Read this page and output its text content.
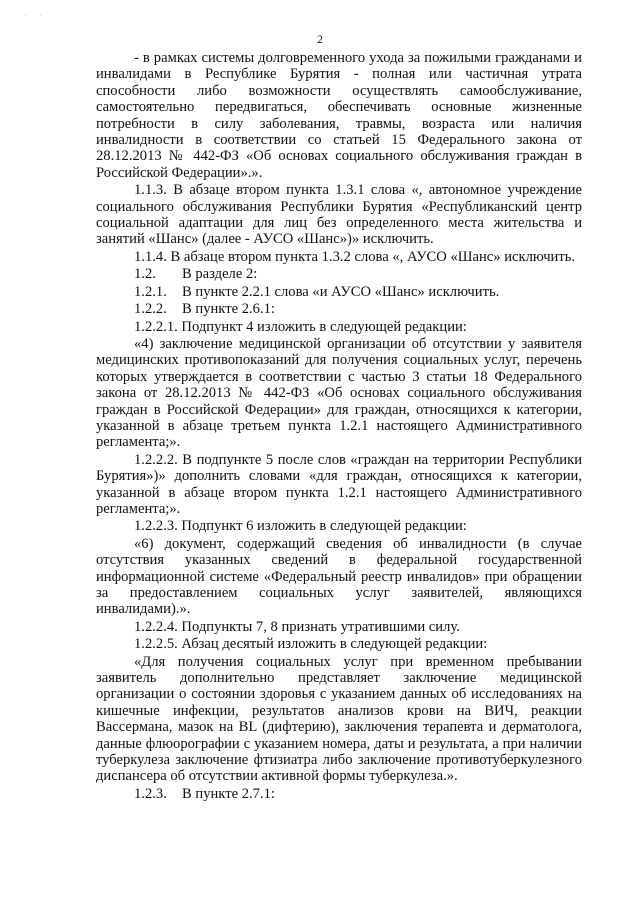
· ·
2

- в рамках системы долговременного ухода за пожилыми гражданами и инвалидами в Республике Бурятия - полная или частичная утрата способности либо возможности осуществлять самообслуживание, самостоятельно передвигаться, обеспечивать основные жизненные потребности в силу заболевания, травмы, возраста или наличия инвалидности в соответствии со статьей 15 Федерального закона от 28.12.2013 № 442-ФЗ «Об основах социального обслуживания граждан в Российской Федерации».».

1.1.3. В абзаце втором пункта 1.3.1 слова «, автономное учреждение социального обслуживания Республики Бурятия «Республиканский центр социальной адаптации для лиц без определенного места жительства и занятий «Шанс» (далее - АУСО «Шанс»)» исключить.

1.1.4. В абзаце втором пункта 1.3.2 слова «, АУСО «Шанс» исключить.

1.2.	В разделе 2:
1.2.1.	В пункте 2.2.1 слова «и АУСО «Шанс» исключить.
1.2.2.	В пункте 2.6.1:

1.2.2.1. Подпункт 4 изложить в следующей редакции:

«4) заключение медицинской организации об отсутствии у заявителя медицинских противопоказаний для получения социальных услуг, перечень которых утверждается в соответствии с частью 3 статьи 18 Федерального закона от 28.12.2013 № 442-ФЗ «Об основах социального обслуживания граждан в Российской Федерации» для граждан, относящихся к категории, указанной в абзаце третьем пункта 1.2.1 настоящего Административного регламента;».

1.2.2.2. В подпункте 5 после слов «граждан на территории Республики Бурятия»)» дополнить словами «для граждан, относящихся к категории, указанной в абзаце втором пункта 1.2.1 настоящего Административного регламента;».

1.2.2.3. Подпункт 6 изложить в следующей редакции:

«6) документ, содержащий сведения об инвалидности (в случае отсутствия указанных сведений в федеральной государственной информационной системе «Федеральный реестр инвалидов» при обращении за предоставлением социальных услуг заявителей, являющихся инвалидами).».

1.2.2.4. Подпункты 7, 8 признать утратившими силу.

1.2.2.5. Абзац десятый изложить в следующей редакции:

«Для получения социальных услуг при временном пребывании заявитель дополнительно представляет заключение медицинской организации о состоянии здоровья с указанием данных об исследованиях на кишечные инфекции, результатов анализов крови на ВИЧ, реакции Вассермана, мазок на BL (дифтерию), заключения терапевта и дерматолога, данные флюорографии с указанием номера, даты и результата, а при наличии туберкулеза заключение фтизиатра либо заключение противотуберкулезного диспансера об отсутствии активной формы туберкулеза.».

1.2.3.	В пункте 2.7.1:
